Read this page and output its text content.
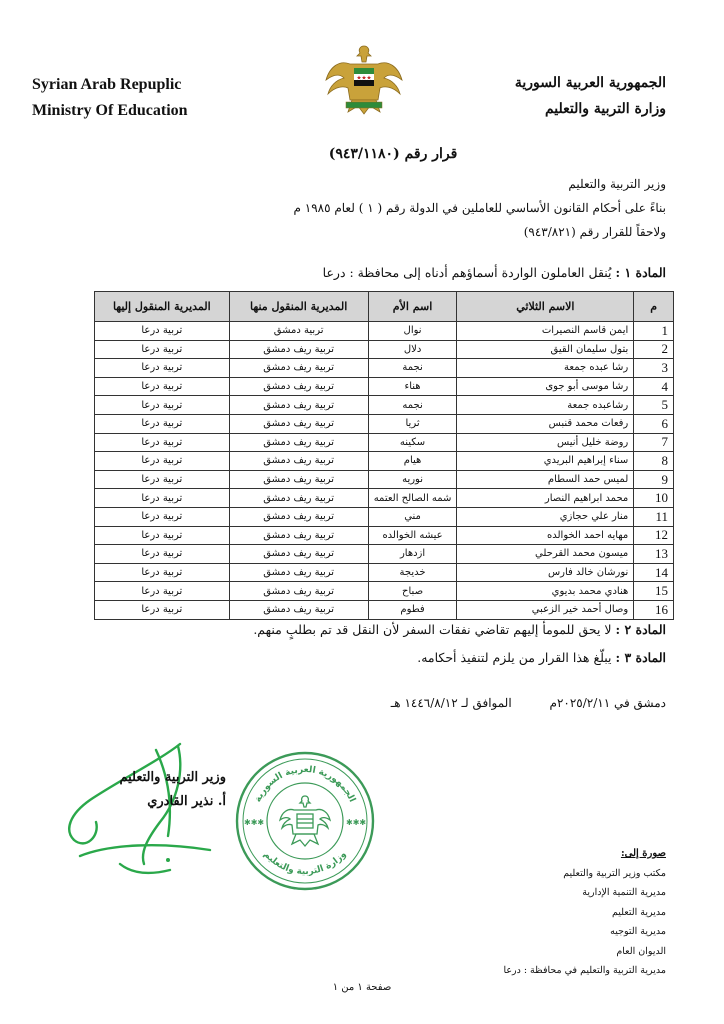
Syrian Arab Repuplic
Ministry Of Education
الجمهورية العربية السورية
وزارة التربية والتعليم
قرار رقم (٩٤٣/١١٨٠)
وزير التربية والتعليم
بناءً على أحكام القانون الأساسي للعاملين في الدولة رقم ( ١ ) لعام ١٩٨٥ م
ولاحقاً للقرار رقم (٩٤٣/٨٢١)
المادة ١ : يُنقل العاملون الواردة أسماؤهم أدناه إلى محافظة : درعا
م	الاسم الثلاثي	اسم الأم	المديرية المنقول منها	المديرية المنقول إليها
1	ايمن قاسم النصيرات	نوال	تربية دمشق	تربية درعا
2	بتول سليمان القيق	دلال	تربية ريف دمشق	تربية درعا
3	رشا عبده جمعة	نجمة	تربية ريف دمشق	تربية درعا
4	رشا موسى أبو جوى	هناء	تربية ريف دمشق	تربية درعا
5	رشاعبده جمعة	نجمه	تربية ريف دمشق	تربية درعا
6	رفعات محمد قنبس	ثريا	تربية ريف دمشق	تربية درعا
7	روضة خليل أنيس	سكينه	تربية ريف دمشق	تربية درعا
8	سناء إبراهيم البريدي	هيام	تربية ريف دمشق	تربية درعا
9	لميس حمد السطام	نوريه	تربية ريف دمشق	تربية درعا
10	محمد ابراهيم النصار	شمه الصالح العتمه	تربية ريف دمشق	تربية درعا
11	منار علي حجازي	مني	تربية ريف دمشق	تربية درعا
12	مهايه احمد الخوالده	عيشه الخوالده	تربية ريف دمشق	تربية درعا
13	ميسون محمد القرحلي	ازدهار	تربية ريف دمشق	تربية درعا
14	نورشان خالد فارس	خديجة	تربية ريف دمشق	تربية درعا
15	هنادي محمد بديوي	صباح	تربية ريف دمشق	تربية درعا
16	وصال أحمد خير الزعبي	فطوم	تربية ريف دمشق	تربية درعا
المادة ٢ : لا يحق للمومأ إليهم تقاضي نفقات السفر لأن النقل قد تم بطلبٍ منهم.
المادة ٣ : يبلّغ هذا القرار من يلزم لتنفيذ أحكامه.
دمشق في ٢٠٢٥/٢/١١م الموافق لـ ١٤٤٦/٨/١٢ هـ
وزير التربية والتعليم
أ. نذير القادري	الجمهورية العربية السورية
وزارة التربية والتعليم
✱✱✱	✱✱✱
صورة إلى:
مكتب وزير التربية والتعليم
مديرية التنمية الإدارية
مديرية التعليم
مديرية التوجيه
الديوان العام
مديرية التربية والتعليم في محافظة : درعا
صفحة ١ من ١
